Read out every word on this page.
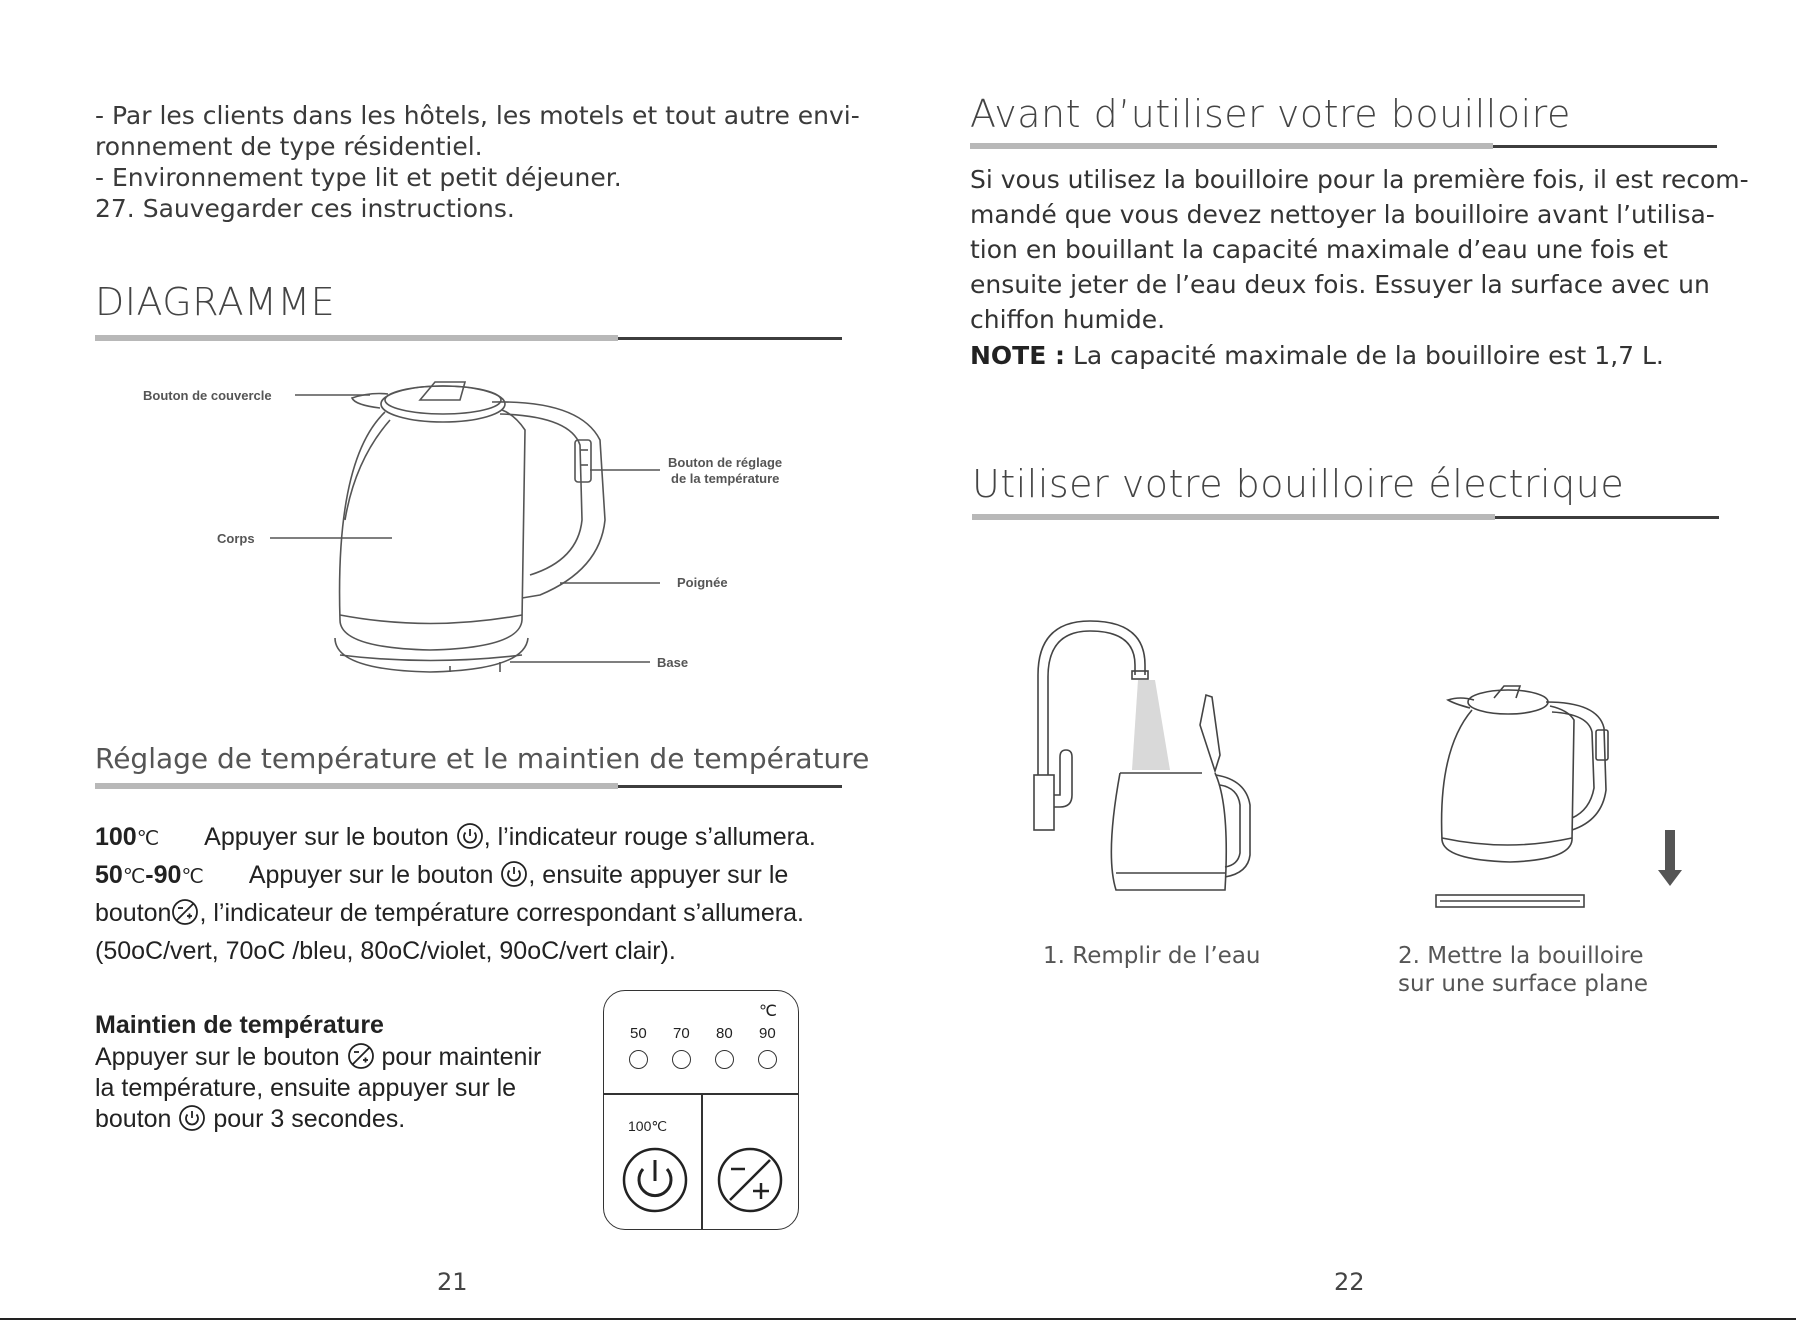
- Par les clients dans les hôtels, les motels et tout autre envi-
ronnement de type résidentiel.
- Environnement type lit et petit déjeuner.
27. Sauvegarder ces instructions.
DIAGRAMME
Bouton de couvercle
Bouton de réglage
de la température
Corps
Poignée
Base
Réglage de température et le maintien de température
100℃ Appuyer sur le bouton , l’indicateur rouge s’allumera.
50℃-90℃ Appuyer sur le bouton , ensuite appuyer sur le
bouton , l’indicateur de température correspondant s’allumera.
(50oC/vert, 70oC /bleu, 80oC/violet, 90oC/vert clair).
Maintien de température
Appuyer sur le bouton pour maintenir
la température, ensuite appuyer sur le
bouton pour 3 secondes.
℃
50 70 80 90
100℃
21
Avant d’utiliser votre bouilloire
Si vous utilisez la bouilloire pour la première fois, il est recom-
mandé que vous devez nettoyer la bouilloire avant l’utilisa-
tion en bouillant la capacité maximale d’eau une fois et
ensuite jeter de l’eau deux fois. Essuyer la surface avec un
chiffon humide.
NOTE : La capacité maximale de la bouilloire est 1,7 L.
Utiliser votre bouilloire électrique
1. Remplir de l’eau	2. Mettre la bouilloire
sur une surface plane
22
